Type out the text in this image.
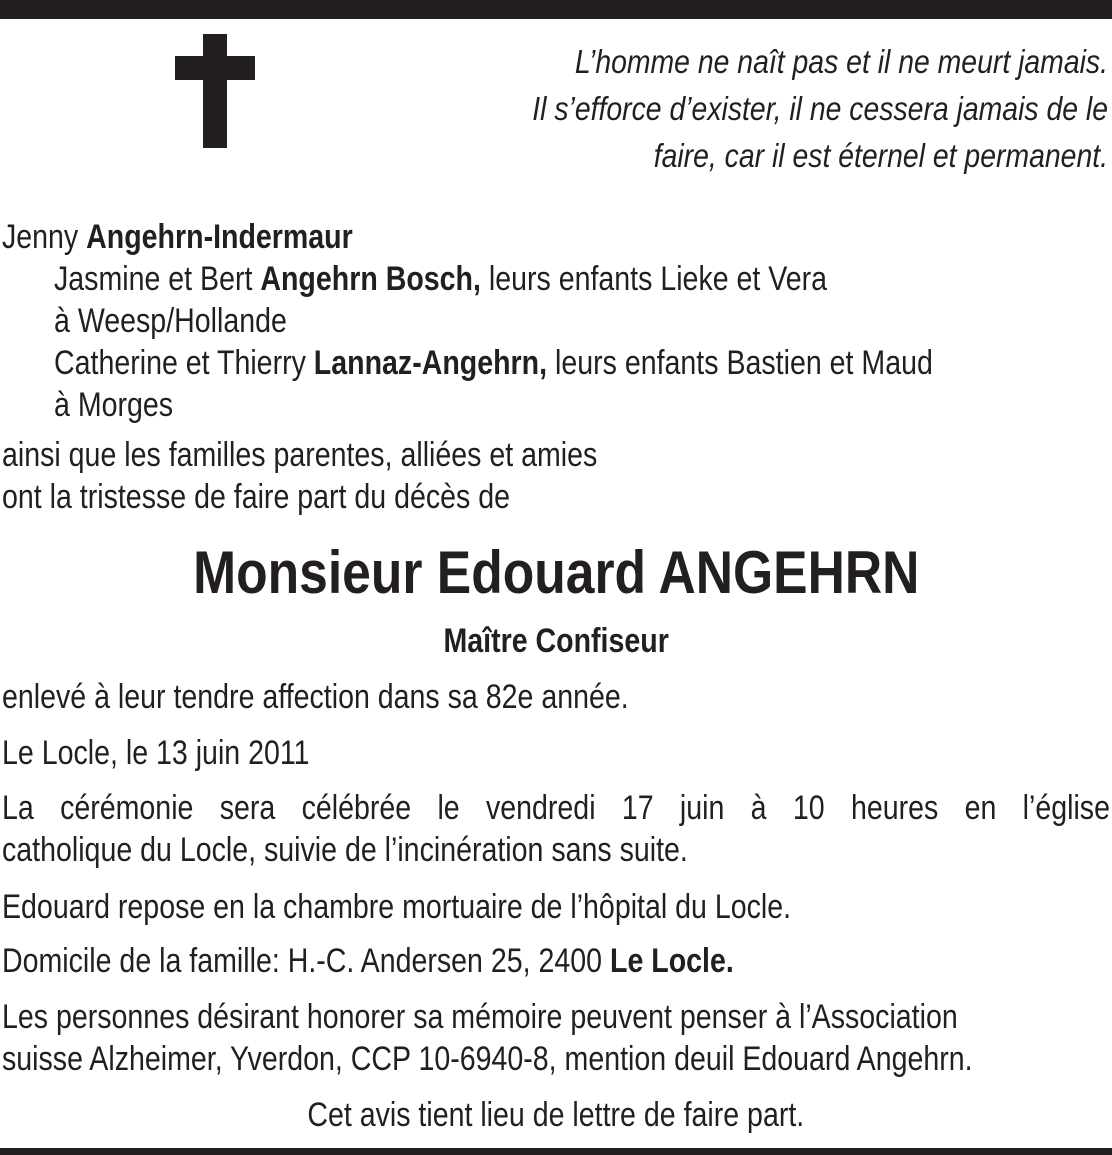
L’homme ne naît pas et il ne meurt jamais.
Il s’efforce d’exister, il ne cessera jamais de le
faire, car il est éternel et permanent.
Jenny Angehrn-Indermaur
Jasmine et Bert Angehrn Bosch, leurs enfants Lieke et Vera
à Weesp/Hollande
Catherine et Thierry Lannaz-Angehrn, leurs enfants Bastien et Maud
à Morges
ainsi que les familles parentes, alliées et amies
ont la tristesse de faire part du décès de
Monsieur Edouard ANGEHRN
Maître Confiseur
enlevé à leur tendre affection dans sa 82e année.
Le Locle, le 13 juin 2011
La cérémonie sera célébrée le vendredi 17 juin à 10 heures en l’église
catholique du Locle, suivie de l’incinération sans suite.
Edouard repose en la chambre mortuaire de l’hôpital du Locle.
Domicile de la famille: H.-C. Andersen 25, 2400 Le Locle.
Les personnes désirant honorer sa mémoire peuvent penser à l’Association
suisse Alzheimer, Yverdon, CCP 10-6940-8, mention deuil Edouard Angehrn.
Cet avis tient lieu de lettre de faire part.
